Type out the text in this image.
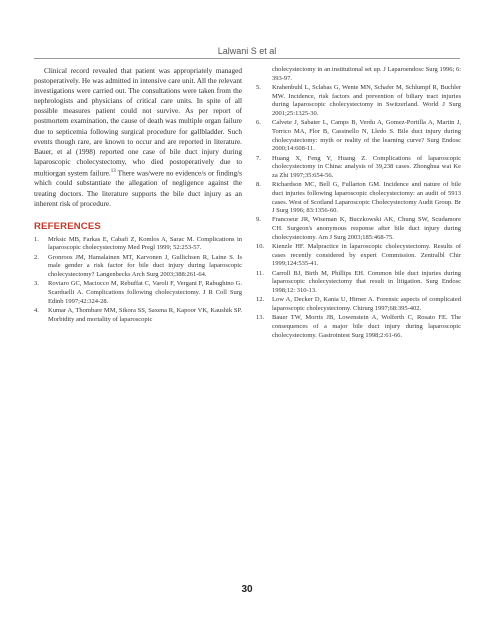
Lalwani S et al

Clinical record revealed that patient was appropriately managed postoperatively. He was admitted in intensive care unit. All the relevant investigations were carried out. The consultations were taken from the nephrologists and physicians of critical care units. In spite of all possible measures patient could not survive. As per report of postmortem examination, the cause of death was multiple organ failure due to septicemia following surgical procedure for gallbladder. Such events though rare, are known to occur and are reported in literature. Bauer, et al (1998) reported one case of bile duct injury during laparoscopic cholecystectomy, who died postoperatively due to multiorgan system failure.$^{13}$ There was/were no evidence/s or finding/s which could substantiate the allegation of negligence against the treating doctors. The literature supports the bile duct injury as an inherent risk of procedure.

REFERENCES
1.	Mrksic MB, Farkas E, Cabafi Z, Komlos A, Sarac M. Complications in laparoscopic cholecystectomy Med Pregl 1999; 52:253-57.
2.	Gronroos JM, Hamalainen MT, Karvonen J, Gullichsen R, Laine S. Is male gender a risk factor for bile duct injury during laparoscopic cholecystectomy? Langenbecks Arch Surg 2003;388:261-64.
3.	Roviaro GC, Maciocco M, Rebuffat C, Varoli F, Vergani F, Rabughino G. Scarduelli A. Complications following cholecystectomy. J R Coll Surg Edinb 1997;42:324-28.
4.	Kumar A, Thombare MM, Sikora SS, Saxena R, Kapoor VK, Kaushik SP. Morbidity and mortality of laparoscopic
cholecystectomy in an institutional set up. J Laparoendosc Surg 1996; 6: 393-97.
5.	Krahenbuhl L, Sclabas G, Wente MN, Schafer M, Schlumpf R, Buchler MW. Incidence, risk factors and prevention of biliary tract injuries during laparoscopic cholecystectomy in Switzerland. World J Surg 2001;25:1325-30.
6.	Calvete J, Sabater L, Camps B, Verdu A, Gomez-Portilla A, Martin J, Torrico MA, Flor B, Cassinello N, Lledo S. Bile duct injury during cholecystectomy: myth or reality of the learning curve? Surg Endosc 2000;14:608-11.
7.	Huang X, Feng Y, Huang Z. Complications of laparoscopic cholecystectomy in China: analysis of 39,238 cases. Zhonghua wai Ke za Zhi 1997;35:654-56.
8.	Richardson MC, Bell G, Fullarton GM. Incidence and nature of bile duct injuries following laparoscopic cholecystectomy: an audit of 5913 cases. West of Scotland Laparoscopic Cholecystectomy Audit Group. Br J Surg 1996; 83:1356-60.
9.	Francoeur JR, Wiseman K, Buczkowski AK, Chung SW, Scudamore CH. Surgeon's anonymous response after bile duct injury during cholecystectomy. Am J Surg 2003;185:468-75.
10.	Kienzle HF. Malpractice in laparoscopic cholecystectomy. Results of cases recently considered by expert Commission. Zentralbl Chir 1999;124:535-41.
11.	Carroll BJ, Birth M, Phillips EH. Common bile duct injuries during laparoscopic cholecystectomy that result in litigation. Surg Endosc 1998;12: 310-13.
12.	Low A, Decker D, Kania U, Hirner A. Forensic aspects of complicated laparoscopic cholecystectomy. Chirurg 1997;68:395-402.
13.	Bauer TW, Morris JB, Lowenstein A, Wolferth C, Rosato FE. The consequences of a major bile duct injury during laparoscopic cholecystectomy. Gastrointest Surg 1998;2:61-66.
30
